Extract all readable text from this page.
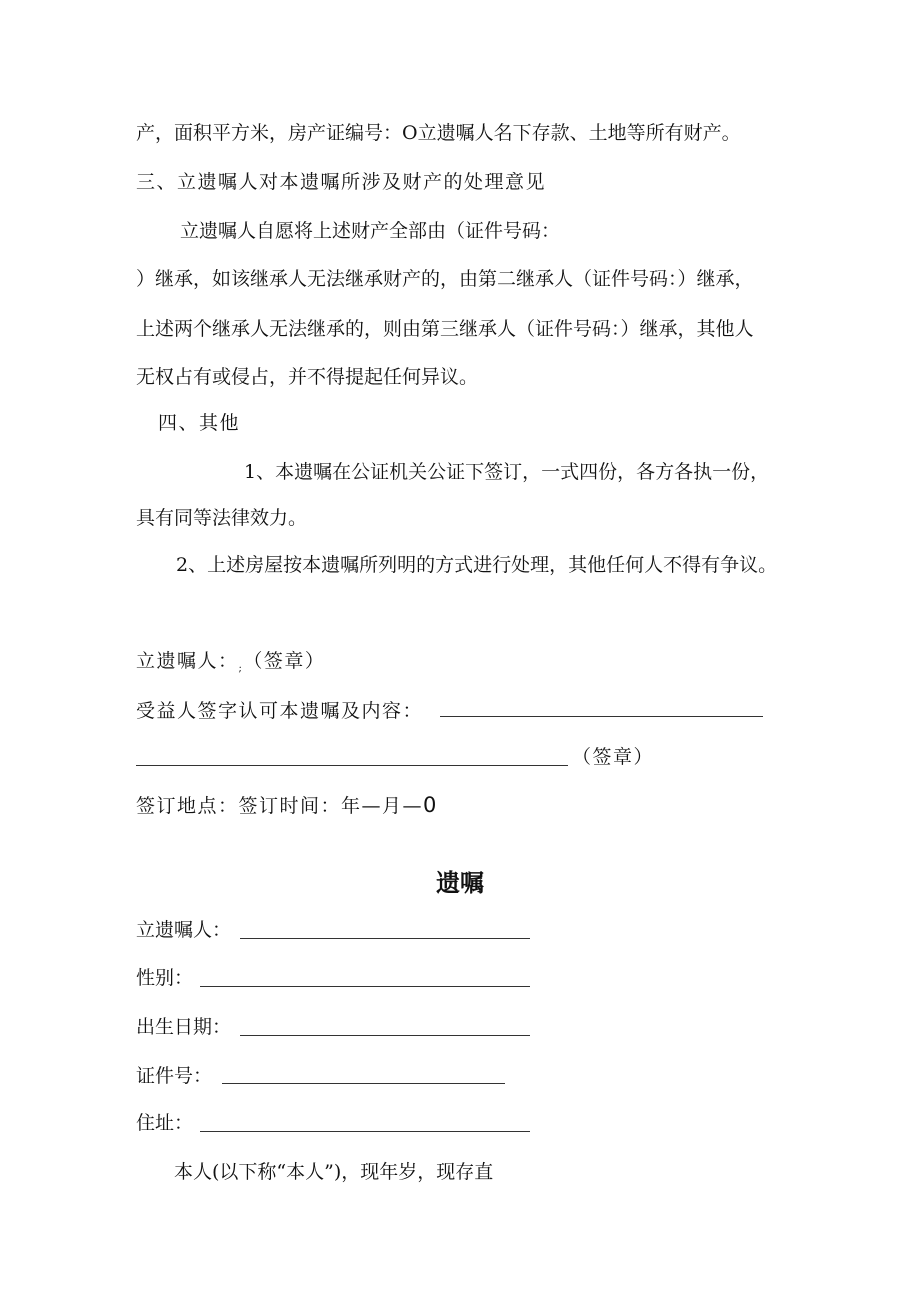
产，面积平方米，房产证编号：O立遗嘱人名下存款、土地等所有财产。
三、立遗嘱人对本遗嘱所涉及财产的处理意见
立遗嘱人自愿将上述财产全部由（证件号码：
）继承，如该继承人无法继承财产的，由第二继承人（证件号码：）继承，
上述两个继承人无法继承的，则由第三继承人（证件号码：）继承，其他人
无权占有或侵占，并不得提起任何异议。
四、其他
1、本遗嘱在公证机关公证下签订，一式四份，各方各执一份，
具有同等法律效力。
2、上述房屋按本遗嘱所列明的方式进行处理，其他任何人不得有争议。
立遗嘱人：$_;$（签章）
受益人签字认可本遗嘱及内容：
（签章）
签订地点：签订时间：年—月—0
遗嘱
立遗嘱人：
性别：
出生日期：
证件号：
住址：
本人(以下称“本人”)，现年岁，现存直
